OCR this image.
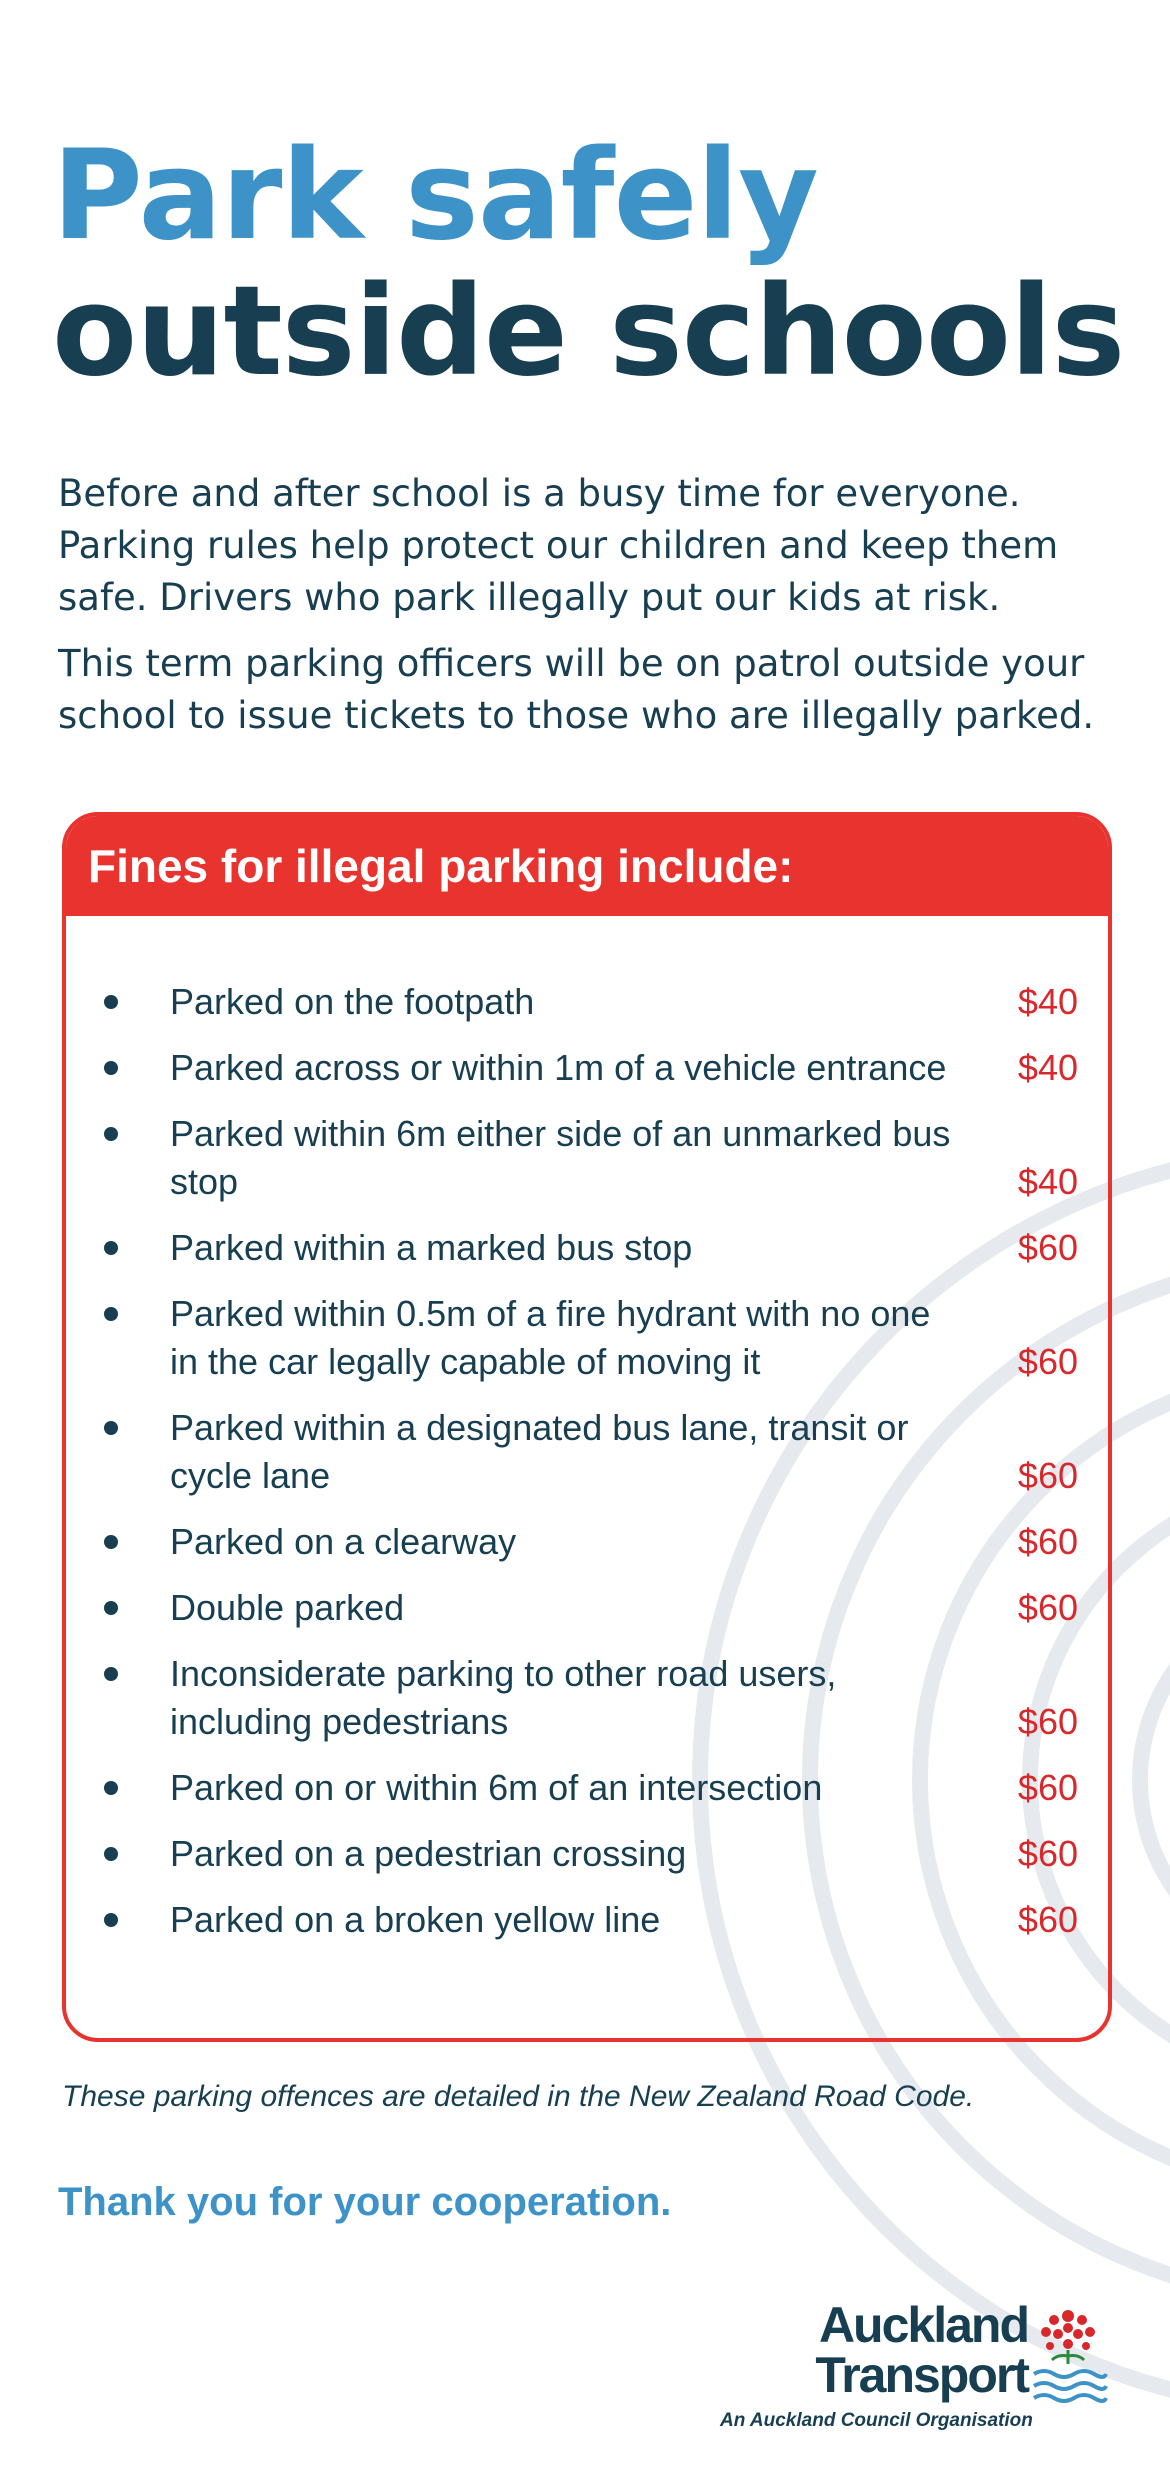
Park safely
outside schools

Before and after school is a busy time for everyone. Parking rules help protect our children and keep them safe. Drivers who park illegally put our kids at risk.

This term parking officers will be on patrol outside your school to issue tickets to those who are illegally parked.

Fines for illegal parking include:
Parked on the footpath	$40
Parked across or within 1m of a vehicle entrance	$40
Parked within 6m either side of an unmarked bus stop	$40
Parked within a marked bus stop	$60
Parked within 0.5m of a fire hydrant with no one in the car legally capable of moving it	$60
Parked within a designated bus lane, transit or cycle lane	$60
Parked on a clearway	$60
Double parked	$60
Inconsiderate parking to other road users, including pedestrians	$60
Parked on or within 6m of an intersection	$60
Parked on a pedestrian crossing	$60
Parked on a broken yellow line	$60

These parking offences are detailed in the New Zealand Road Code.

Thank you for your cooperation.

Auckland
Transport
An Auckland Council Organisation
